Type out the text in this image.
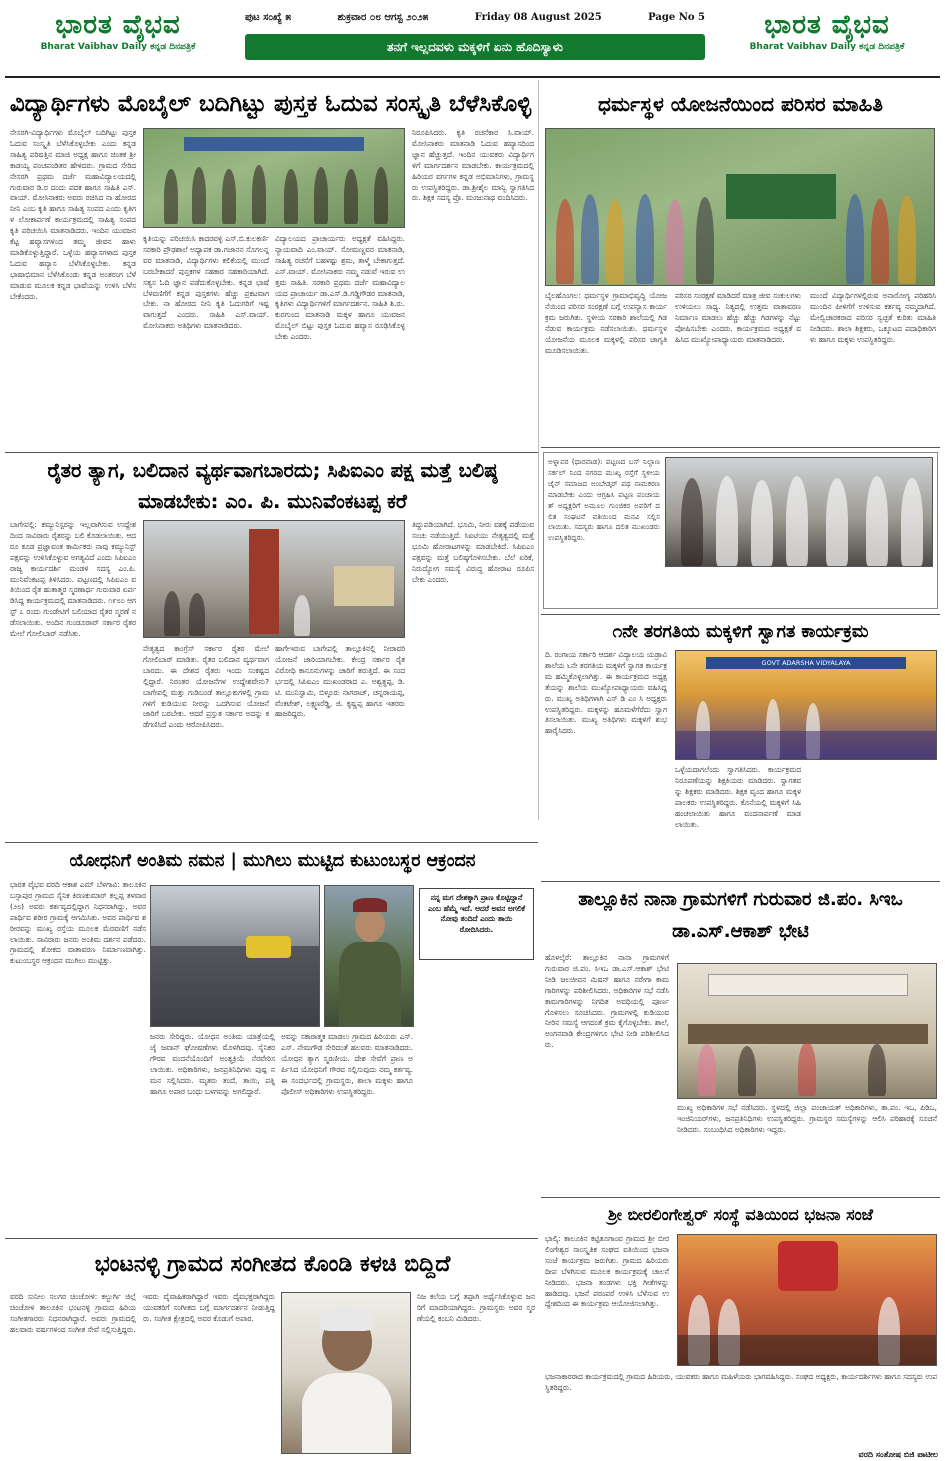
ಭಾರತ ವೈಭವ
Bharat Vaibhav Daily ಕನ್ನಡ ದಿನಪತ್ರಿಕೆ
ಪುಟ ಸಂಖ್ಯೆ ೫	ಶುಕ್ರವಾರ ೦೮ ಆಗಸ್ಟ ೨೦೨೫	Friday 08 August 2025	Page No 5
ತನಗೆ ಇಲ್ಲದವಳು ಮಕ್ಕಳಿಗೆ ಏನು ಹೊದಿಸ್ಯಾಳು
ಭಾರತ ವೈಭವ
Bharat Vaibhav Daily ಕನ್ನಡ ದಿನಪತ್ರಿಕೆ
ವಿದ್ಯಾರ್ಥಿಗಳು ಮೊಬೈಲ್ ಬದಿಗಿಟ್ಟು ಪುಸ್ತಕ ಓದುವ ಸಂಸ್ಕೃತಿ ಬೆಳೆಸಿಕೊಳ್ಳಿ
ನೇಸರಗಿ-ವಿದ್ಯಾರ್ಥಿಗಳು ಮೊಬೈಲ್ ಬದಿಗಿಟ್ಟು ಪುಸ್ತಕ ಓದುವ ಸಂಸ್ಕೃತಿ ಬೆಳೆಸಿಕೊಳ್ಳಬೇಕು ಎಂದು ಕನ್ನಡ ಸಾಹಿತ್ಯ ಪರಿಷತ್ತಿನ ಮಾಜಿ ಅಧ್ಯಕ್ಷ ಹಾಗೂ ಚಿಂತಕ ಶ್ರೀ ಕಾಡಯ್ಯ ಪಂಚಪಂಡಿತರ ಹೇಳಿದರು. ಗ್ರಾಮದ ಸೇರಿದ ನೇಸರಗಿ ಪ್ರಥಮ ದರ್ಜೆ ಮಹಾವಿದ್ಯಾಲಯದಲ್ಲಿ ಗುರುವಾರ ಡಿ.ರ ದಂದು ಪದಕ ಹಾಗೂ ಸಾಹಿತಿ ಎಸ್.ವಾಯ್. ಮೋಸಿನಾಕರು ಅವರು ರಚಿಸಿದ ನಾ ಹೋರದ ನೀನಿ ಎಂಬ ಕೃತಿ ಹಾಗೂ ಸಾಹಿತ್ಯ ಸಂಪದ ಎಂದು ಕೃತಿಗಳ ಲೋಕಾರ್ಪಣೆ ಕಾರ್ಯಕ್ರಮದಲ್ಲಿ ಸಾಹಿತ್ಯ ಸಂಪದ ಕೃತಿ ಪರಿಚಯಿಸಿ ಮಾತನಾಡಿದರು. ಇಂದಿನ ಯುವಜನ ಕೆಟ್ಟ ಹವ್ಯಾಸಗಳಿಂದ ತಮ್ಮ ಜೀವನ ಹಾಳು ಮಾಡಿಕೊಳ್ಳುತ್ತಿದ್ದಾರೆ. ಒಳ್ಳೆಯ ಹವ್ಯಾಸಗಳಾದ ಪುಸ್ತಕ ಓದುವ ಹವ್ಯಾಸ ಬೆಳೆಸಿಕೊಳ್ಳಬೇಕು. ಕನ್ನಡ ಭಾಷಾಭಿಮಾನ ಬೆಳೆಸಿಕೊಂಡು ಕನ್ನಡ ಅಂತರಂಗ ಬೆಳೆ ಮಾಡುವ ಮೂಲಕ ಕನ್ನಡ ಭಾಷೆಯನ್ನು ಉಳಿಸಿ ಬೆಳೆಸಬೇಕೆಂದರು.
ಕೃತಿಯನ್ನು ಪರಿಚಯಿಸಿ ಕಾದರವಳ್ಳಿ ಎಸ್.ಬಿ.ಕುಲಕರ್ಣಿ ಸರಕಾರಿ ಪ್ರೌಢಶಾಲೆ ಅಧ್ಯಾಪಕ ಡಾ.ಗಜಾನನ ಸೊಗಲನ್ನವರ ಮಾತನಾಡಿ, ವಿದ್ಯಾರ್ಥಿಗಳು ಕಲಿಕೆಯಲ್ಲಿ ಮುಂದೆ ಬರಬೇಕಾದರೆ ಪುಸ್ತಕಗಳ ಸಹಕಾರ ಸಹಕಾರಿಯಾಗಿದೆ. ಸತ್ಯಸ ಓದಿ ಜ್ಞಾನ ಪಡೆದುಕೊಳ್ಳಬೇಕು. ಕನ್ನಡ ಭಾಷೆ ಬೆಳವಣಿಗೆಗೆ ಕನ್ನಡ ಪುಸ್ತಕಗಳು ಹೆಚ್ಚು ಪ್ರಕಟವಾಗಬೇಕು. ನಾ ಹೋರದ ನೀನಿ ಕೃತಿ ಓದುಗರಿಗೆ ಇಷ್ಟವಾಗುತ್ತದೆ ಎಂದರು. ಸಾಹಿತಿ ಎಸ್.ವಾಯ್. ಮೋಸಿನಾಕರು ಅತಿಥಿಗಳು ಮಾತನಾಡಿದರು.
ವಿದ್ಯಾಲಯದ ಪ್ರಾಚಾರ್ಯರು ಅಧ್ಯಕ್ಷತೆ ವಹಿಸಿದ್ದರು. ನ್ಯಾಯವಾದಿ ಎಂ.ವಾಯ್. ಸೋಮಣ್ಣವರ ಮಾತನಾಡಿ, ಸಾಹಿತ್ಯ ರಚನೆಗೆ ಬಹಳಷ್ಟು ಶ್ರಮ, ತಾಳ್ಮೆ ಬೇಕಾಗುತ್ತದೆ. ಎಸ್.ವಾಯ್. ಮೋಸಿನಾಕರು ನಮ್ಮ ನಡುವೆ ಇರುವ ಉತ್ತಮ ಸಾಹಿತಿ. ಸರಕಾರಿ ಪ್ರಥಮ ದರ್ಜೆ ಮಹಾವಿದ್ಯಾಲಯದ ಪ್ರಾಚಾರ್ಯ ಡಾ.ಎಸ್.ಡಿ.ಗಡ್ಡಿಗೌಡರ ಮಾತನಾಡಿ, ಕೃತಿಗಳು ವಿದ್ಯಾರ್ಥಿಗಳಿಗೆ ಮಾರ್ಗದರ್ಶನ. ಸಾಹಿತಿ ಶಿ.ರು.ಕುರಗುಂದ ಮಾತನಾಡಿ ಮಕ್ಕಳ ಹಾಗೂ ಯುವಜನ ಮೊಬೈಲ್ ಬಿಟ್ಟು ಪುಸ್ತಕ ಓದುವ ಹವ್ಯಾಸ ರೂಢಿಸಿಕೊಳ್ಳಬೇಕು ಎಂದರು.
ನಿರೂಪಿಸಿದರು. ಕೃತಿ ರಚನೆಕಾರ ಸಿ.ವಾಯ್. ಮೋಸಿನಾಕರು ಮಾತನಾಡಿ ಓದುವ ಹವ್ಯಾಸದಿಂದ ಜ್ಞಾನ ಹೆಚ್ಚುತ್ತದೆ. ಇಂದಿನ ಯುವಕರು ವಿದ್ಯಾರ್ಥಿಗಳಿಗೆ ಮಾರ್ಗದರ್ಶನ ಮಾಡಬೇಕು. ಕಾರ್ಯಕ್ರಮದಲ್ಲಿ ಹಿರಿಯರ ವರ್ಗಗಳ ಕನ್ನಡ ಅಭಿಮಾನಿಗಳು, ಗ್ರಾಮಸ್ಥರು ಉಪಸ್ಥಿತರಿದ್ದರು. ಡಾ.ಶ್ರೀಶೈಲ ಮಾನ್ವಿ ಸ್ವಾಗತಿಸಿದರು. ಶಿಕ್ಷಕ ಸದಸ್ಯ ಪ್ರೊ. ಮಂಜುನಾಥ ವಂದಿಸಿದರು.
ಧರ್ಮಸ್ಥಳ ಯೋಜನೆಯಿಂದ ಪರಿಸರ ಮಾಹಿತಿ
ಬೈಲಹೊಂಗಲ: ಧರ್ಮಸ್ಥಳ ಗ್ರಾಮಾಭಿವೃದ್ಧಿ ಯೋಜನೆಯಿಂದ ಪರಿಸರ ಸಂರಕ್ಷಣೆ ಬಗ್ಗೆ ಉಪನ್ಯಾಸ ಕಾರ್ಯಕ್ರಮ ಜರುಗಿತು. ಸ್ಥಳೀಯ ಸರಕಾರಿ ಶಾಲೆಯಲ್ಲಿ ಗಿಡ ನೆಡುವ ಕಾರ್ಯಕ್ರಮ ನಡೆಸಲಾಯಿತು. ಧರ್ಮಸ್ಥಳ ಯೋಜನೆಯ ಮೂಲಕ ಮಕ್ಕಳಲ್ಲಿ ಪರಿಸರ ಜಾಗೃತಿ ಮೂಡಿಸಲಾಯಿತು.
ಪರಿಸರ ಸಂರಕ್ಷಣೆ ಮಾಡಿದರೆ ಮಾತ್ರ ಜೀವ ಸಂಕುಲಗಳು ಉಳಿಯಲು ಸಾಧ್ಯ. ನಿತ್ಯದಲ್ಲಿ ಉತ್ತಮ ವಾತಾವರಣ ನಿರ್ಮಾಣ ಮಾಡಲು ಹೆಚ್ಚು ಹೆಚ್ಚು ಗಿಡಗಳನ್ನು ನೆಟ್ಟು ಪೋಷಿಸಬೇಕು ಎಂದರು. ಕಾರ್ಯಕ್ರಮದ ಅಧ್ಯಕ್ಷತೆ ವಹಿಸಿದ ಮುಖ್ಯೋಪಾಧ್ಯಾಯರು ಮಾತನಾಡಿದರು.
ಮುಂದೆ ವಿದ್ಯಾರ್ಥಿಗಳಲ್ಲಿರುವ ಅನಾರೋಗ್ಯ ಪರಿಹರಿಸಿ ಮುಂದಿನ ಪೀಳಿಗೆಗೆ ಉಳಿಸುವ ಕರ್ತವ್ಯ ನಮ್ಮದಾಗಿದೆ. ಮೇಲ್ವಿಚಾರಕರಾದ ಪರಿಸರ ಸ್ವಚ್ಛತೆ ಕುರಿತು ಮಾಹಿತಿ ನೀಡಿದರು. ಶಾಲಾ ಶಿಕ್ಷಕರು, ಒಕ್ಕೂಟದ ಪದಾಧಿಕಾರಿಗಳು ಹಾಗೂ ಮಕ್ಕಳು ಉಪಸ್ಥಿತರಿದ್ದರು.
ಅಳ್ನಾವರ (ಧಾರವಾಡ): ಪಟ್ಟಣದ ಬಸ್ ನಿಲ್ದಾಣ ಸರ್ಕಲ್ ನಿಂದ ನಗರದ ಮುಖ್ಯ ರಸ್ತೆಗೆ ಸ್ಥಳೀಯ ಜೈನ್ ಸಮಾಜದ ಅಂಬೇಡ್ಕರ್ ಪಥ ನಾಮಕರಣ ಮಾಡಬೇಕು ಎಂದು ಆಗ್ರಹಿಸಿ ಪಟ್ಟಣ ಪಂಚಾಯತ್ ಅಧ್ಯಕ್ಷರಿಗೆ ಅಮೂಲ ಗುಂಜಿಕರ ಅವರಿಗೆ ದಲಿತ ಸಂಘಟನೆ ವತಿಯಿಂದ ಮನವಿ ಸಲ್ಲಿಸಲಾಯಿತು. ಸದಸ್ಯರು ಹಾಗೂ ದಲಿತ ಮುಖಂಡರು ಉಪಸ್ಥಿತರಿದ್ದರು.
ರೈತರ ತ್ಯಾಗ, ಬಲಿದಾನ ವ್ಯರ್ಥವಾಗಬಾರದು; ಸಿಪಿಐಎಂ ಪಕ್ಷ ಮತ್ತೆ ಬಲಿಷ್ಠ ಮಾಡಬೇಕು: ಎಂ. ಪಿ. ಮುನಿವೆಂಕಟಪ್ಪ ಕರೆ
ಬಾಗೇಪಲ್ಲಿ: ಕಮ್ಯುನಿಸ್ಟರನ್ನು ಇಲ್ಲವಾಗಿಸುವ ಉದ್ದೇಶದಿಂದ ಸಾವಿರಾರು ರೈತರನ್ನು ಬಲಿ ಕೊಡಲಾಯಿತು. ಆದರೂ ಕೂಡ ಪ್ರಜ್ಞಾವಂತ ಕಾರ್ಮಿಕರು ನಾವು ಕಮ್ಯುನಿಸ್ಟ್ ಪಕ್ಷವನ್ನು ಉಳಿಸಿಕೊಳ್ಳುವ ಅಗತ್ಯವಿದೆ ಎಂದು ಸಿಪಿಐಎಂ ರಾಜ್ಯ ಕಾರ್ಯದರ್ಶಿ ಮಂಡಳಿ ಸದಸ್ಯ ಎಂ.ಪಿ. ಮುನಿವೆಂಕಟಪ್ಪ ತಿಳಿಸಿದರು. ಪಟ್ಟಣದಲ್ಲಿ ಸಿಪಿಐಎಂ ವತಿಯಿಂದ ರೈತ ಹುತಾತ್ಮರ ಸ್ಮರಣಾರ್ಥ ಗುರುವಾರ ಏರ್ಪಡಿಸಿದ್ದ ಕಾರ್ಯಕ್ರಮದಲ್ಲಿ ಮಾತನಾಡಿದರು. ೧೯೮೦ ಆಗಸ್ಟ್ ೭ ರಂದು ಗುಂಡೇಟಿಗೆ ಬಲಿಯಾದ ರೈತರ ಸ್ಮರಣೆ ನಡೆಸಲಾಯಿತು. ಅಂದಿನ ಗುಂಡೂರಾವ್ ಸರ್ಕಾರ ರೈತರ ಮೇಲೆ ಗೋಲಿಬಾರ್ ನಡೆಸಿತು.
ನೇತೃತ್ವದ ಕಾಂಗ್ರೆಸ್ ಸರ್ಕಾರ ರೈತರ ಮೇಲೆ ಗೋಲಿಬಾರ್ ಮಾಡಿತು. ರೈತರ ಬಲಿದಾನ ವ್ಯರ್ಥವಾಗಬಾರದು. ಈ ದೇಶದ ರೈತರು ಇಂದು ಸಂಕಷ್ಟದಲ್ಲಿದ್ದಾರೆ. ನಿರಂತರ ಯೋಜನೆಗಳ ಉದ್ದೇಶವೇನು? ಬಾಗೇಪಲ್ಲಿ ಮತ್ತು ಗುಡಿಬಂಡೆ ತಾಲ್ಲೂಕುಗಳಲ್ಲಿ ಗ್ರಾಮಗಳಿಗೆ ಕುಡಿಯುವ ನೀರನ್ನು ಒದಗಿಸುವ ಯೋಜನೆ ಜಾರಿಗೆ ಬರಬೇಕು. ಆದರೆ ಪ್ರಸ್ತುತ ಸರ್ಕಾರ ಅದನ್ನು ಕಡೆಗಣಿಸಿದೆ ಎಂದು ಆರೋಪಿಸಿದರು.
ಹಾಗೇಇರುವ ಬಾಗೇಪಲ್ಲಿ ತಾಲ್ಲೂಕಿನಲ್ಲಿ ನೀರಾವರಿ ಯೋಜನೆ ಜಾರಿಯಾಗಬೇಕು. ಕೇಂದ್ರ ಸರ್ಕಾರ ರೈತ ವಿರೋಧಿ ಕಾನೂನುಗಳನ್ನು ಜಾರಿಗೆ ತರುತ್ತಿದೆ. ಈ ಸಂದರ್ಭದಲ್ಲಿ ಸಿಪಿಐಎಂ ಮುಖಂಡರಾದ ಎ. ಅಶ್ವತ್ಥಪ್ಪ, ಡಿ. ಟಿ. ಮುನಿಸ್ವಾಮಿ, ಬಿಳ್ಳೂರು ನಾಗರಾಜ್, ಚನ್ನರಾಯಪ್ಪ, ವೆಂಕಟೇಶ್, ಲಕ್ಷ್ಮಣರೆಡ್ಡಿ, ಜಿ. ಕೃಷ್ಣಪ್ಪ ಹಾಗೂ ಇತರರು ಹಾಜರಿದ್ದರು.
ತಿದ್ದುಪಡಿಯಾಗಿದೆ. ಭೂಮಿ, ನೀರು ವಶಕ್ಕೆ ಪಡೆಯುವ ಸಂಚು ನಡೆಯುತ್ತಿದೆ. ಸಿಐಟಿಯು ನೇತೃತ್ವದಲ್ಲಿ ಮತ್ತೆ ಭೂಮಿ ಹೋರಾಟಗಳನ್ನು ಮಾಡಬೇಕಿದೆ. ಸಿಪಿಐಎಂ ಪಕ್ಷವನ್ನು ಮತ್ತೆ ಬಲಿಷ್ಠಗೊಳಿಸಬೇಕು. ಬೆಲೆ ಏರಿಕೆ, ನಿರುದ್ಯೋಗ ಸಮಸ್ಯೆ ವಿರುದ್ಧ ಹೋರಾಟ ರೂಪಿಸಬೇಕು ಎಂದರು.
೧ನೇ ತರಗತಿಯ ಮಕ್ಕಳಿಗೆ ಸ್ವಾಗತ ಕಾರ್ಯಕ್ರಮ
ದಿ. ರಂಗಾಯ ಸರ್ಕಾರಿ ಆದರ್ಶ ವಿದ್ಯಾಲಯ ಯಡ್ರಾವಿ ಶಾಲೆಯ ೬ನೇ ತರಗತಿಯ ಮಕ್ಕಳಿಗೆ ಸ್ವಾಗತ ಕಾರ್ಯಕ್ರಮ ಹಮ್ಮಿಕೊಳ್ಳಲಾಗಿತ್ತು. ಈ ಕಾರ್ಯಕ್ರಮದ ಅಧ್ಯಕ್ಷತೆಯನ್ನು ಶಾಲೆಯ ಮುಖ್ಯೋಪಾಧ್ಯಾಯರು ವಹಿಸಿದ್ದರು. ಮುಖ್ಯ ಅತಿಥಿಗಳಾಗಿ ಎಸ್ ಡಿ ಎಂ ಸಿ ಅಧ್ಯಕ್ಷರು ಉಪಸ್ಥಿತರಿದ್ದರು. ಮಕ್ಕಳನ್ನು ಹೂಮಳೆಗೆರೆದು ಸ್ವಾಗತಿಸಲಾಯಿತು. ಮುಖ್ಯ ಅತಿಥಿಗಳು ಮಕ್ಕಳಿಗೆ ಶುಭ ಹಾರೈಸಿದರು.
GOVT ADARSHA VIDYALAYA
ಒಳ್ಳೆಯದಾಗಲೆಂದು ಸ್ವಾಗತಿಸಿದರು. ಕಾರ್ಯಕ್ರಮದ ನಿರೂಪಣೆಯನ್ನು ಶಿಕ್ಷಕಿಯರು ಮಾಡಿದರು. ಸ್ವಾಗತವನ್ನು ಶಿಕ್ಷಕರು ಮಾಡಿದರು. ಶಿಕ್ಷಕ ವೃಂದ ಹಾಗೂ ಮಕ್ಕಳ ಪಾಲಕರು ಉಪಸ್ಥಿತರಿದ್ದರು. ಕೊನೆಯಲ್ಲಿ ಮಕ್ಕಳಿಗೆ ಸಿಹಿ ಹಂಚಲಾಯಿತು ಹಾಗೂ ವಂದನಾರ್ಪಣೆ ಮಾಡಲಾಯಿತು.
ಯೋಧನಿಗೆ ಅಂತಿಮ ನಮನ | ಮುಗಿಲು ಮುಟ್ಟಿದ ಕುಟುಂಬಸ್ಥರ ಆಕ್ರಂದನ
ಭಾರತ ವೈಭವ ವರದಿ ಆಕಾಶ ಎಮ್ ಬೆಳಗಾವಿ: ತಾಲೂಕಿನ ಬಸ್ಸಾಪುರ ಗ್ರಾಮದ ಸೈನಿಕ ಕಿರಣಕುಮಾರ್ ಕಲ್ಲಪ್ಪ ತಳವಾರ (೨೮) ಅವರು ಕರ್ತವ್ಯದಲ್ಲಿದ್ದಾಗ ನಿಧನರಾಗಿದ್ದು, ಅವರ ಪಾರ್ಥಿವ ಶರೀರ ಗ್ರಾಮಕ್ಕೆ ಆಗಮಿಸಿತು. ಅವರ ಪಾರ್ಥಿವ ಶರೀರವನ್ನು ಮುಖ್ಯ ರಸ್ತೆಯ ಮೂಲಕ ಮೆರವಣಿಗೆ ನಡೆಸಲಾಯಿತು. ಸಾವಿರಾರು ಜನರು ಅಂತಿಮ ದರ್ಶನ ಪಡೆದರು. ಗ್ರಾಮದಲ್ಲಿ ಶೋಕದ ವಾತಾವರಣ ನಿರ್ಮಾಣವಾಗಿತ್ತು. ಕುಟುಂಬಸ್ಥರ ಆಕ್ರಂದನ ಮುಗಿಲು ಮುಟ್ಟಿತ್ತು.
ನನ್ನ ಮಗ ದೇಶಕ್ಕಾಗಿ ಪ್ರಾಣ ಕೊಟ್ಟಿದ್ದಾನೆ ಎಂಬ ಹೆಮ್ಮೆ ಇದೆ. ಆದರೆ ಅವನ ಅಗಲಿಕೆ ನೋವು ತಂದಿದೆ ಎಂದು ತಾಯಿ ರೋದಿಸಿದರು.
ಜನರು ಸೇರಿದ್ದರು. ಯೋಧನ ಅಂತಿಮ ಯಾತ್ರೆಯಲ್ಲಿ ಜೈ ಜವಾನ್ ಘೋಷಣೆಗಳು ಮೊಳಗಿದವು. ಸೈನಿಕರ ಗೌರವ ವಂದನೆಯೊಂದಿಗೆ ಅಂತ್ಯಕ್ರಿಯೆ ನೆರವೇರಿಸಲಾಯಿತು. ಅಧಿಕಾರಿಗಳು, ಜನಪ್ರತಿನಿಧಿಗಳು ಪುಷ್ಪ ನಮನ ಸಲ್ಲಿಸಿದರು. ಮೃತರು ತಂದೆ, ತಾಯಿ, ಪತ್ನಿ ಹಾಗೂ ಅಪಾರ ಬಂಧು ಬಳಗವನ್ನು ಅಗಲಿದ್ದಾರೆ.
ಅವನ್ನು ಸಕಾರಾತ್ಮಕ ಮಾಡಲು ಗ್ರಾಮದ ಹಿರಿಯರು ಎಸ್.ಎಸ್. ನೇಮಗೌಡ ಸೇರಿದಂತೆ ಹಲವರು ಮಾತನಾಡಿದರು. ಯೋಧನ ತ್ಯಾಗ ಸ್ಮರಣೀಯ. ದೇಶ ಸೇವೆಗೆ ಪ್ರಾಣ ಅರ್ಪಿಸಿದ ಯೋಧನಿಗೆ ಗೌರವ ಸಲ್ಲಿಸುವುದು ನಮ್ಮ ಕರ್ತವ್ಯ. ಈ ಸಂದರ್ಭದಲ್ಲಿ ಗ್ರಾಮಸ್ಥರು, ಶಾಲಾ ಮಕ್ಕಳು ಹಾಗೂ ಪೊಲೀಸ್ ಅಧಿಕಾರಿಗಳು ಉಪಸ್ಥಿತರಿದ್ದರು.
ತಾಲ್ಲೂಕಿನ ನಾನಾ ಗ್ರಾಮಗಳಿಗೆ ಗುರುವಾರ ಜಿ.ಪಂ. ಸಿಇಒ ಡಾ.ಎಸ್.ಆಕಾಶ್ ಭೇಟಿ
ಹೊಳಲ್ಕೆರೆ: ತಾಲ್ಲೂಕಿನ ನಾನಾ ಗ್ರಾಮಗಳಿಗೆ ಗುರುವಾರ ಜಿ.ಪಂ. ಸಿಇಒ ಡಾ.ಎಸ್.ಆಕಾಶ್ ಭೇಟಿ ನೀಡಿ ಜಲಜೀವನ ಮಿಷನ್ ಹಾಗೂ ನರೇಗಾ ಕಾಮಗಾರಿಗಳನ್ನು ಪರಿಶೀಲಿಸಿದರು. ಅಧಿಕಾರಿಗಳ ಸಭೆ ನಡೆಸಿ ಕಾಮಗಾರಿಗಳನ್ನು ನಿಗದಿತ ಅವಧಿಯಲ್ಲಿ ಪೂರ್ಣಗೊಳಿಸಲು ಸೂಚಿಸಿದರು. ಗ್ರಾಮಗಳಲ್ಲಿ ಕುಡಿಯುವ ನೀರಿನ ಸಮಸ್ಯೆ ಆಗದಂತೆ ಕ್ರಮ ಕೈಗೊಳ್ಳಬೇಕು. ಶಾಲೆ, ಅಂಗನವಾಡಿ ಕೇಂದ್ರಗಳಿಗೂ ಭೇಟಿ ನೀಡಿ ಪರಿಶೀಲಿಸಿದರು.
ಮುಖ್ಯ ಅಧಿಕಾರಿಗಳ ಸಭೆ ನಡೆಸಿದರು. ಸ್ಥಳದಲ್ಲಿ ಜಿಲ್ಲಾ ಪಂಚಾಯತ್ ಅಧಿಕಾರಿಗಳು, ತಾ.ಪಂ. ಇಒ, ಪಿಡಿಒ, ಇಂಜಿನಿಯರ್‌ಗಳು, ಜನಪ್ರತಿನಿಧಿಗಳು ಉಪಸ್ಥಿತರಿದ್ದರು. ಗ್ರಾಮಸ್ಥರ ಸಮಸ್ಯೆಗಳನ್ನು ಆಲಿಸಿ ಪರಿಹಾರಕ್ಕೆ ಸೂಚನೆ ನೀಡಿದರು. ಸಂಬಂಧಿಸಿದ ಅಧಿಕಾರಿಗಳು ಇದ್ದರು.
ಶ್ರೀ ಬೀರಲಿಂಗೇಶ್ವರ್ ಸಂಸ್ಥೆ ವತಿಯಿಂದ ಭಜನಾ ಸಂಜೆ
ಭಾಲ್ಕಿ: ತಾಲೂಕಿನ ಕಟ್ಟಿತೂಗಾಂವ ಗ್ರಾಮದ ಶ್ರೀ ಬೀರಲಿಂಗೇಶ್ವರ ಸಾಂಸ್ಕೃತಿಕ ಸಂಘದ ವತಿಯಿಂದ ಭಜನಾ ಸಂಜೆ ಕಾರ್ಯಕ್ರಮ ಜರುಗಿತು. ಗ್ರಾಮದ ಹಿರಿಯರು ದೀಪ ಬೆಳಗಿಸುವ ಮೂಲಕ ಕಾರ್ಯಕ್ರಮಕ್ಕೆ ಚಾಲನೆ ನೀಡಿದರು. ಭಜನಾ ತಂಡಗಳು ಭಕ್ತಿ ಗೀತೆಗಳನ್ನು ಹಾಡಿದವು. ಭಜನೆ ಪರಂಪರೆ ಉಳಿಸಿ ಬೆಳೆಸುವ ಉದ್ದೇಶದಿಂದ ಈ ಕಾರ್ಯಕ್ರಮ ಆಯೋಜಿಸಲಾಗಿತ್ತು.
ಭಜನಾಕಾರರಾದ ಕಾರ್ಯಕ್ರಮದಲ್ಲಿ ಗ್ರಾಮದ ಹಿರಿಯರು, ಯುವಕರು ಹಾಗೂ ಮಹಿಳೆಯರು ಭಾಗವಹಿಸಿದ್ದರು. ಸಂಘದ ಅಧ್ಯಕ್ಷರು, ಕಾರ್ಯದರ್ಶಿಗಳು ಹಾಗೂ ಸದಸ್ಯರು ಉಪಸ್ಥಿತರಿದ್ದರು.
ವರದಿ ಸಂತೋಷ ಬಿಜಿ ಪಾಟೀಲ
ಭಂಟನಳ್ಳಿ ಗ್ರಾಮದ ಸಂಗೀತದ ಕೊಂಡಿ ಕಳಚಿ ಬಿದ್ದಿದೆ
ವರದಿ ಸುನೀಲ ಸಲಗರ ಚಿಂಚೋಳಿ: ಕಲ್ಬುರ್ಗಿ ಜಿಲ್ಲೆ ಚಿಂಚೋಳಿ ತಾಲೂಕಿನ ಭಂಟನಳ್ಳಿ ಗ್ರಾಮದ ಹಿರಿಯ ಸಂಗೀತಗಾರರು ನಿಧನರಾಗಿದ್ದಾರೆ. ಅವರು ಗ್ರಾಮದಲ್ಲಿ ಹಲವಾರು ವರ್ಷಗಳಿಂದ ಸಂಗೀತ ಸೇವೆ ಸಲ್ಲಿಸುತ್ತಿದ್ದರು.
ಇವರು ವೈವಾಹಿಕರಾಗಿದ್ದಾರೆ ಇವರು ದೈವಭಕ್ತರಾಗಿದ್ದರು ಯುವಕರಿಗೆ ಸಂಗೀತದ ಬಗ್ಗೆ ಮಾರ್ಗದರ್ಶನ ನೀಡುತ್ತಿದ್ದರು. ಸಂಗೀತ ಕ್ಷೇತ್ರದಲ್ಲಿ ಅವರ ಕೊಡುಗೆ ಅಪಾರ.
ನಿಜ ಕಲೆಯ ಬಗ್ಗೆ ತಪ್ಪಾಗಿ ಅರ್ಥೈಸಿಕೊಳ್ಳುವ ಜನರಿಗೆ ಮಾದರಿಯಾಗಿದ್ದರು. ಗ್ರಾಮಸ್ಥರು ಅವರ ಸ್ಮರಣೆಯಲ್ಲಿ ಕಂಬನಿ ಮಿಡಿದರು.
